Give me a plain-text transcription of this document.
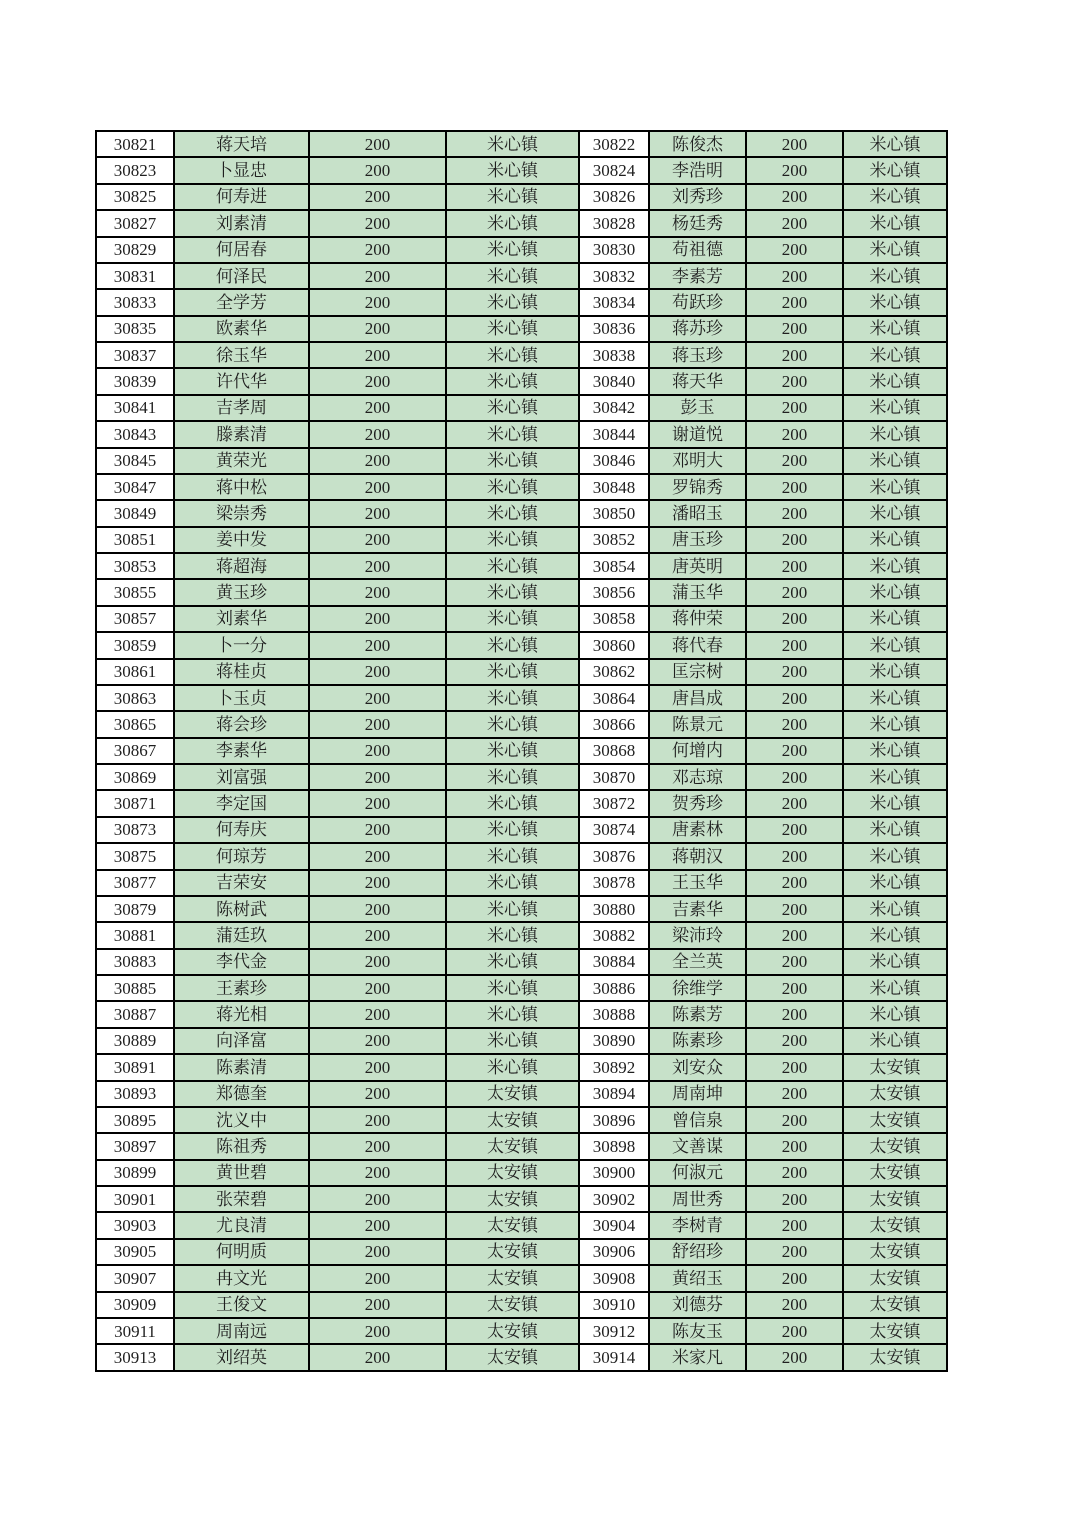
30821	蒋天培	200	米心镇	30822	陈俊杰	200	米心镇
30823	卜显忠	200	米心镇	30824	李浩明	200	米心镇
30825	何寿进	200	米心镇	30826	刘秀珍	200	米心镇
30827	刘素清	200	米心镇	30828	杨廷秀	200	米心镇
30829	何居春	200	米心镇	30830	苟祖德	200	米心镇
30831	何泽民	200	米心镇	30832	李素芳	200	米心镇
30833	全学芳	200	米心镇	30834	苟跃珍	200	米心镇
30835	欧素华	200	米心镇	30836	蒋苏珍	200	米心镇
30837	徐玉华	200	米心镇	30838	蒋玉珍	200	米心镇
30839	许代华	200	米心镇	30840	蒋天华	200	米心镇
30841	吉孝周	200	米心镇	30842	彭玉	200	米心镇
30843	滕素清	200	米心镇	30844	谢道悦	200	米心镇
30845	黄荣光	200	米心镇	30846	邓明大	200	米心镇
30847	蒋中松	200	米心镇	30848	罗锦秀	200	米心镇
30849	梁崇秀	200	米心镇	30850	潘昭玉	200	米心镇
30851	姜中发	200	米心镇	30852	唐玉珍	200	米心镇
30853	蒋超海	200	米心镇	30854	唐英明	200	米心镇
30855	黄玉珍	200	米心镇	30856	蒲玉华	200	米心镇
30857	刘素华	200	米心镇	30858	蒋仲荣	200	米心镇
30859	卜一分	200	米心镇	30860	蒋代春	200	米心镇
30861	蒋桂贞	200	米心镇	30862	匡宗树	200	米心镇
30863	卜玉贞	200	米心镇	30864	唐昌成	200	米心镇
30865	蒋会珍	200	米心镇	30866	陈景元	200	米心镇
30867	李素华	200	米心镇	30868	何增内	200	米心镇
30869	刘富强	200	米心镇	30870	邓志琼	200	米心镇
30871	李定国	200	米心镇	30872	贺秀珍	200	米心镇
30873	何寿庆	200	米心镇	30874	唐素林	200	米心镇
30875	何琼芳	200	米心镇	30876	蒋朝汉	200	米心镇
30877	吉荣安	200	米心镇	30878	王玉华	200	米心镇
30879	陈树武	200	米心镇	30880	吉素华	200	米心镇
30881	蒲廷玖	200	米心镇	30882	梁沛玲	200	米心镇
30883	李代金	200	米心镇	30884	全兰英	200	米心镇
30885	王素珍	200	米心镇	30886	徐维学	200	米心镇
30887	蒋光相	200	米心镇	30888	陈素芳	200	米心镇
30889	向泽富	200	米心镇	30890	陈素珍	200	米心镇
30891	陈素清	200	米心镇	30892	刘安众	200	太安镇
30893	郑德奎	200	太安镇	30894	周南坤	200	太安镇
30895	沈义中	200	太安镇	30896	曾信泉	200	太安镇
30897	陈祖秀	200	太安镇	30898	文善谋	200	太安镇
30899	黄世碧	200	太安镇	30900	何淑元	200	太安镇
30901	张荣碧	200	太安镇	30902	周世秀	200	太安镇
30903	尤良清	200	太安镇	30904	李树青	200	太安镇
30905	何明质	200	太安镇	30906	舒绍珍	200	太安镇
30907	冉文光	200	太安镇	30908	黄绍玉	200	太安镇
30909	王俊文	200	太安镇	30910	刘德芬	200	太安镇
30911	周南远	200	太安镇	30912	陈友玉	200	太安镇
30913	刘绍英	200	太安镇	30914	米家凡	200	太安镇
